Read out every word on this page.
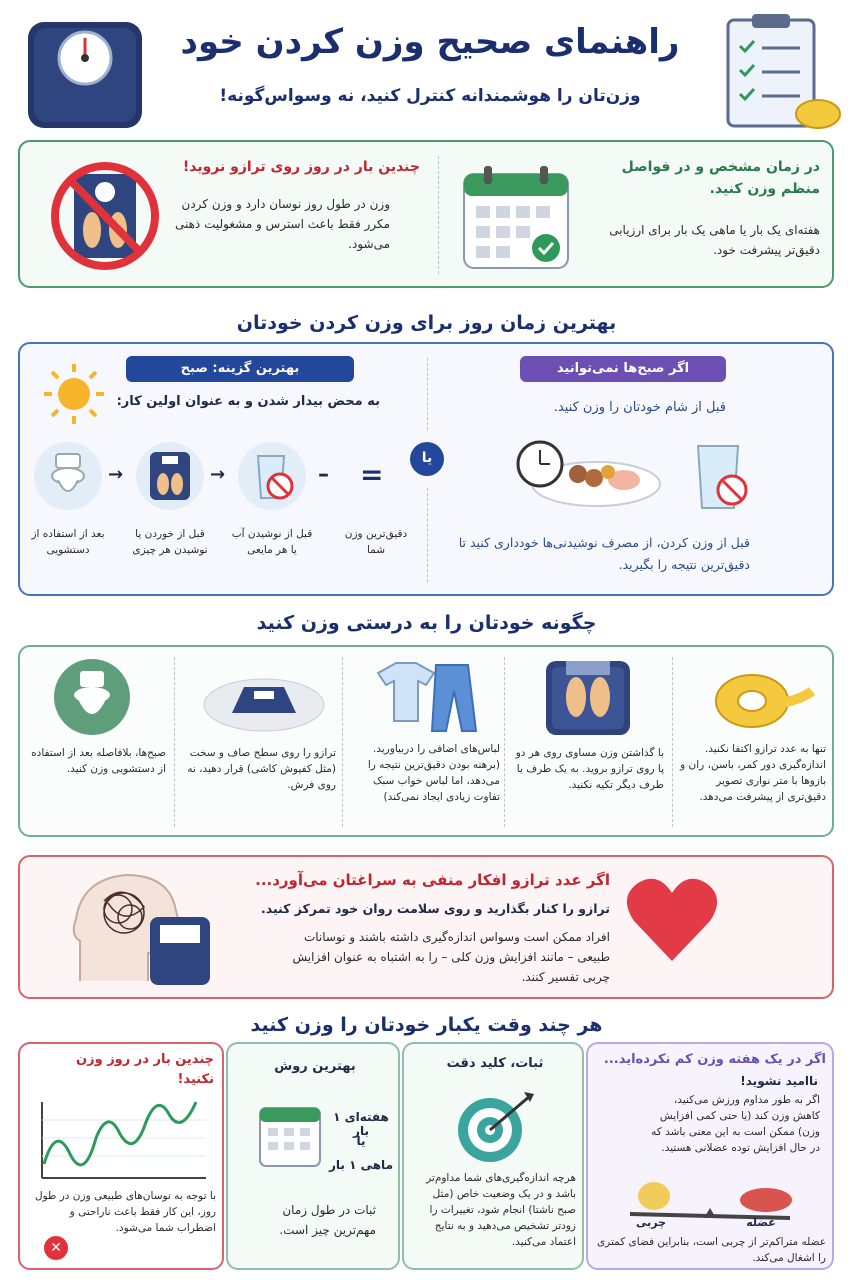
راهنمای صحیح وزن کردن خود
وزن‌تان را هوشمندانه کنترل کنید، نه وسواس‌گونه!
در زمان مشخص و در فواصل منظم وزن کنید.
هفته‌ای یک بار یا ماهی یک بار برای ارزیابی دقیق‌تر پیشرفت خود.
چندین بار در روز روی ترازو نروید!
وزن در طول روز نوسان دارد و وزن کردن مکرر فقط باعث استرس و مشغولیت ذهنی می‌شود.
بهترین زمان روز برای وزن کردن خودتان
بهترین گزینه: صبح
به محض بیدار شدن و به عنوان اولین کار:
→	→	– =
بعد از استفاده از دستشویی
قبل از خوردن یا نوشیدن هر چیزی
قبل از نوشیدن آب یا هر مایعی
دقیق‌ترین وزن شما
یا
اگر صبح‌ها نمی‌توانید
قبل از شام خودتان را وزن کنید.
قبل از وزن کردن، از مصرف نوشیدنی‌ها خودداری کنید تا دقیق‌ترین نتیجه را بگیرید.
چگونه خودتان را به درستی وزن کنید
تنها به عدد ترازو اکتفا نکنید. اندازه‌گیری دور کمر، باسن، ران و بازوها با متر نواری تصویر دقیق‌تری از پیشرفت می‌دهد.
با گذاشتن وزن مساوی روی هر دو پا روی ترازو بروید. به یک طرف یا طرف دیگر تکیه نکنید.
لباس‌های اضافی را دربیاورید. (برهنه بودن دقیق‌ترین نتیجه را می‌دهد، اما لباس خواب سبک تفاوت زیادی ایجاد نمی‌کند)
ترازو را روی سطح صاف و سخت (مثل کفپوش کاشی) قرار دهید، نه روی فرش.
صبح‌ها، بلافاصله بعد از استفاده از دستشویی وزن کنید.
اگر عدد ترازو افکار منفی به سراغتان می‌آورد...
ترازو را کنار بگذارید و روی سلامت روان خود تمرکز کنید.
افراد ممکن است وسواس اندازه‌گیری داشته باشند و نوسانات طبیعی – مانند افزایش وزن کلی – را به اشتباه به عنوان افزایش چربی تفسیر کنند.
هر چند وقت یکبار خودتان را وزن کنید
چندین بار در روز وزن نکنید!
با توجه به نوسان‌های طبیعی وزن در طول روز، این کار فقط باعث ناراحتی و اضطراب شما می‌شود.
✕
بهترین روش
هفته‌ای ۱ بار
یا
ماهی ۱ بار
ثبات در طول زمان مهم‌ترین چیز است.
ثبات، کلید دقت
هرچه اندازه‌گیری‌های شما مداوم‌تر باشد و در یک وضعیت خاص (مثل صبح ناشتا) انجام شود، تغییرات را زودتر تشخیص می‌دهید و به نتایج اعتماد می‌کنید.
اگر در یک هفته وزن کم نکرده‌اید...
ناامید نشوید!
اگر به طور مداوم ورزش می‌کنید، کاهش وزن کند (یا حتی کمی افزایش وزن) ممکن است به این معنی باشد که در حال افزایش توده عضلانی هستید.
عضله
چربی
عضله متراکم‌تر از چربی است، بنابراین فضای کمتری را اشغال می‌کند.
